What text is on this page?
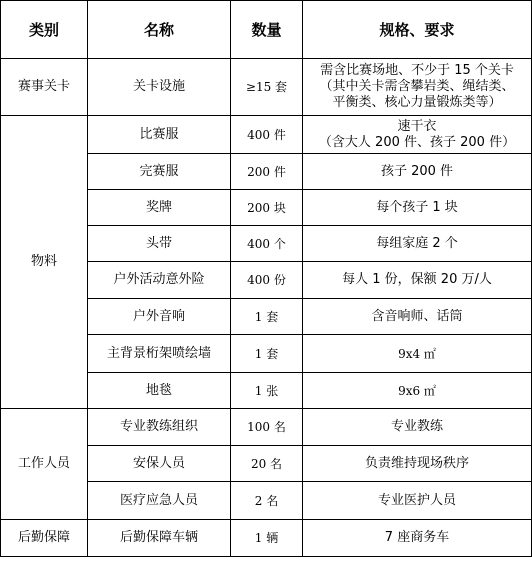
类别	名称	数量	规格、要求
赛事关卡	关卡设施	≥15 套	需含比赛场地、不少于 15 个关卡
（其中关卡需含攀岩类、绳结类、
平衡类、核心力量锻炼类等）

物料	比赛服	400 件	速干衣
（含大人 200 件、孩子 200 件）

	完赛服	200 件	孩子 200 件
	奖牌	200 块	每个孩子 1 块
	头带	400 个	每组家庭 2 个
	户外活动意外险	400 份	每人 1 份，保额 20 万/人
	户外音响	1 套	含音响师、话筒
	主背景桁架喷绘墙	1 套	9x4 ㎡
	地毯	1 张	9x6 ㎡
工作人员	专业教练组织	100 名	专业教练
	安保人员	20 名	负责维持现场秩序
	医疗应急人员	2 名	专业医护人员
后勤保障	后勤保障车辆	1 辆	7 座商务车
